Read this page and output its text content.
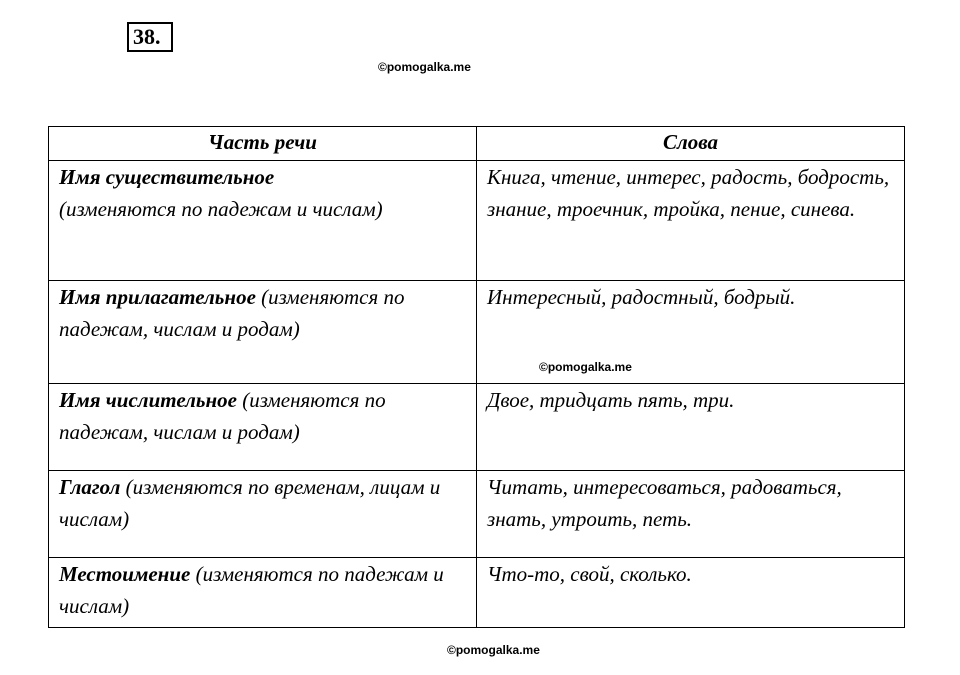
38.
©pomogalka.me
Часть речи	Слова
Имя существительное
(изменяются по падежам и числам)	Книга, чтение, интерес, радость, бодрость, знание, троечник, тройка, пение, синева.
Имя прилагательное (изменяются по падежам, числам и родам)	Интересный, радостный, бодрый.
Имя числительное (изменяются по падежам, числам и родам)	Двое, тридцать пять, три.
Глагол (изменяются по временам, лицам и числам)	Читать, интересоваться, радоваться, знать, утроить, петь.
Местоимение (изменяются по падежам и числам)	Что-то, свой, сколько.
©pomogalka.me
©pomogalka.me
